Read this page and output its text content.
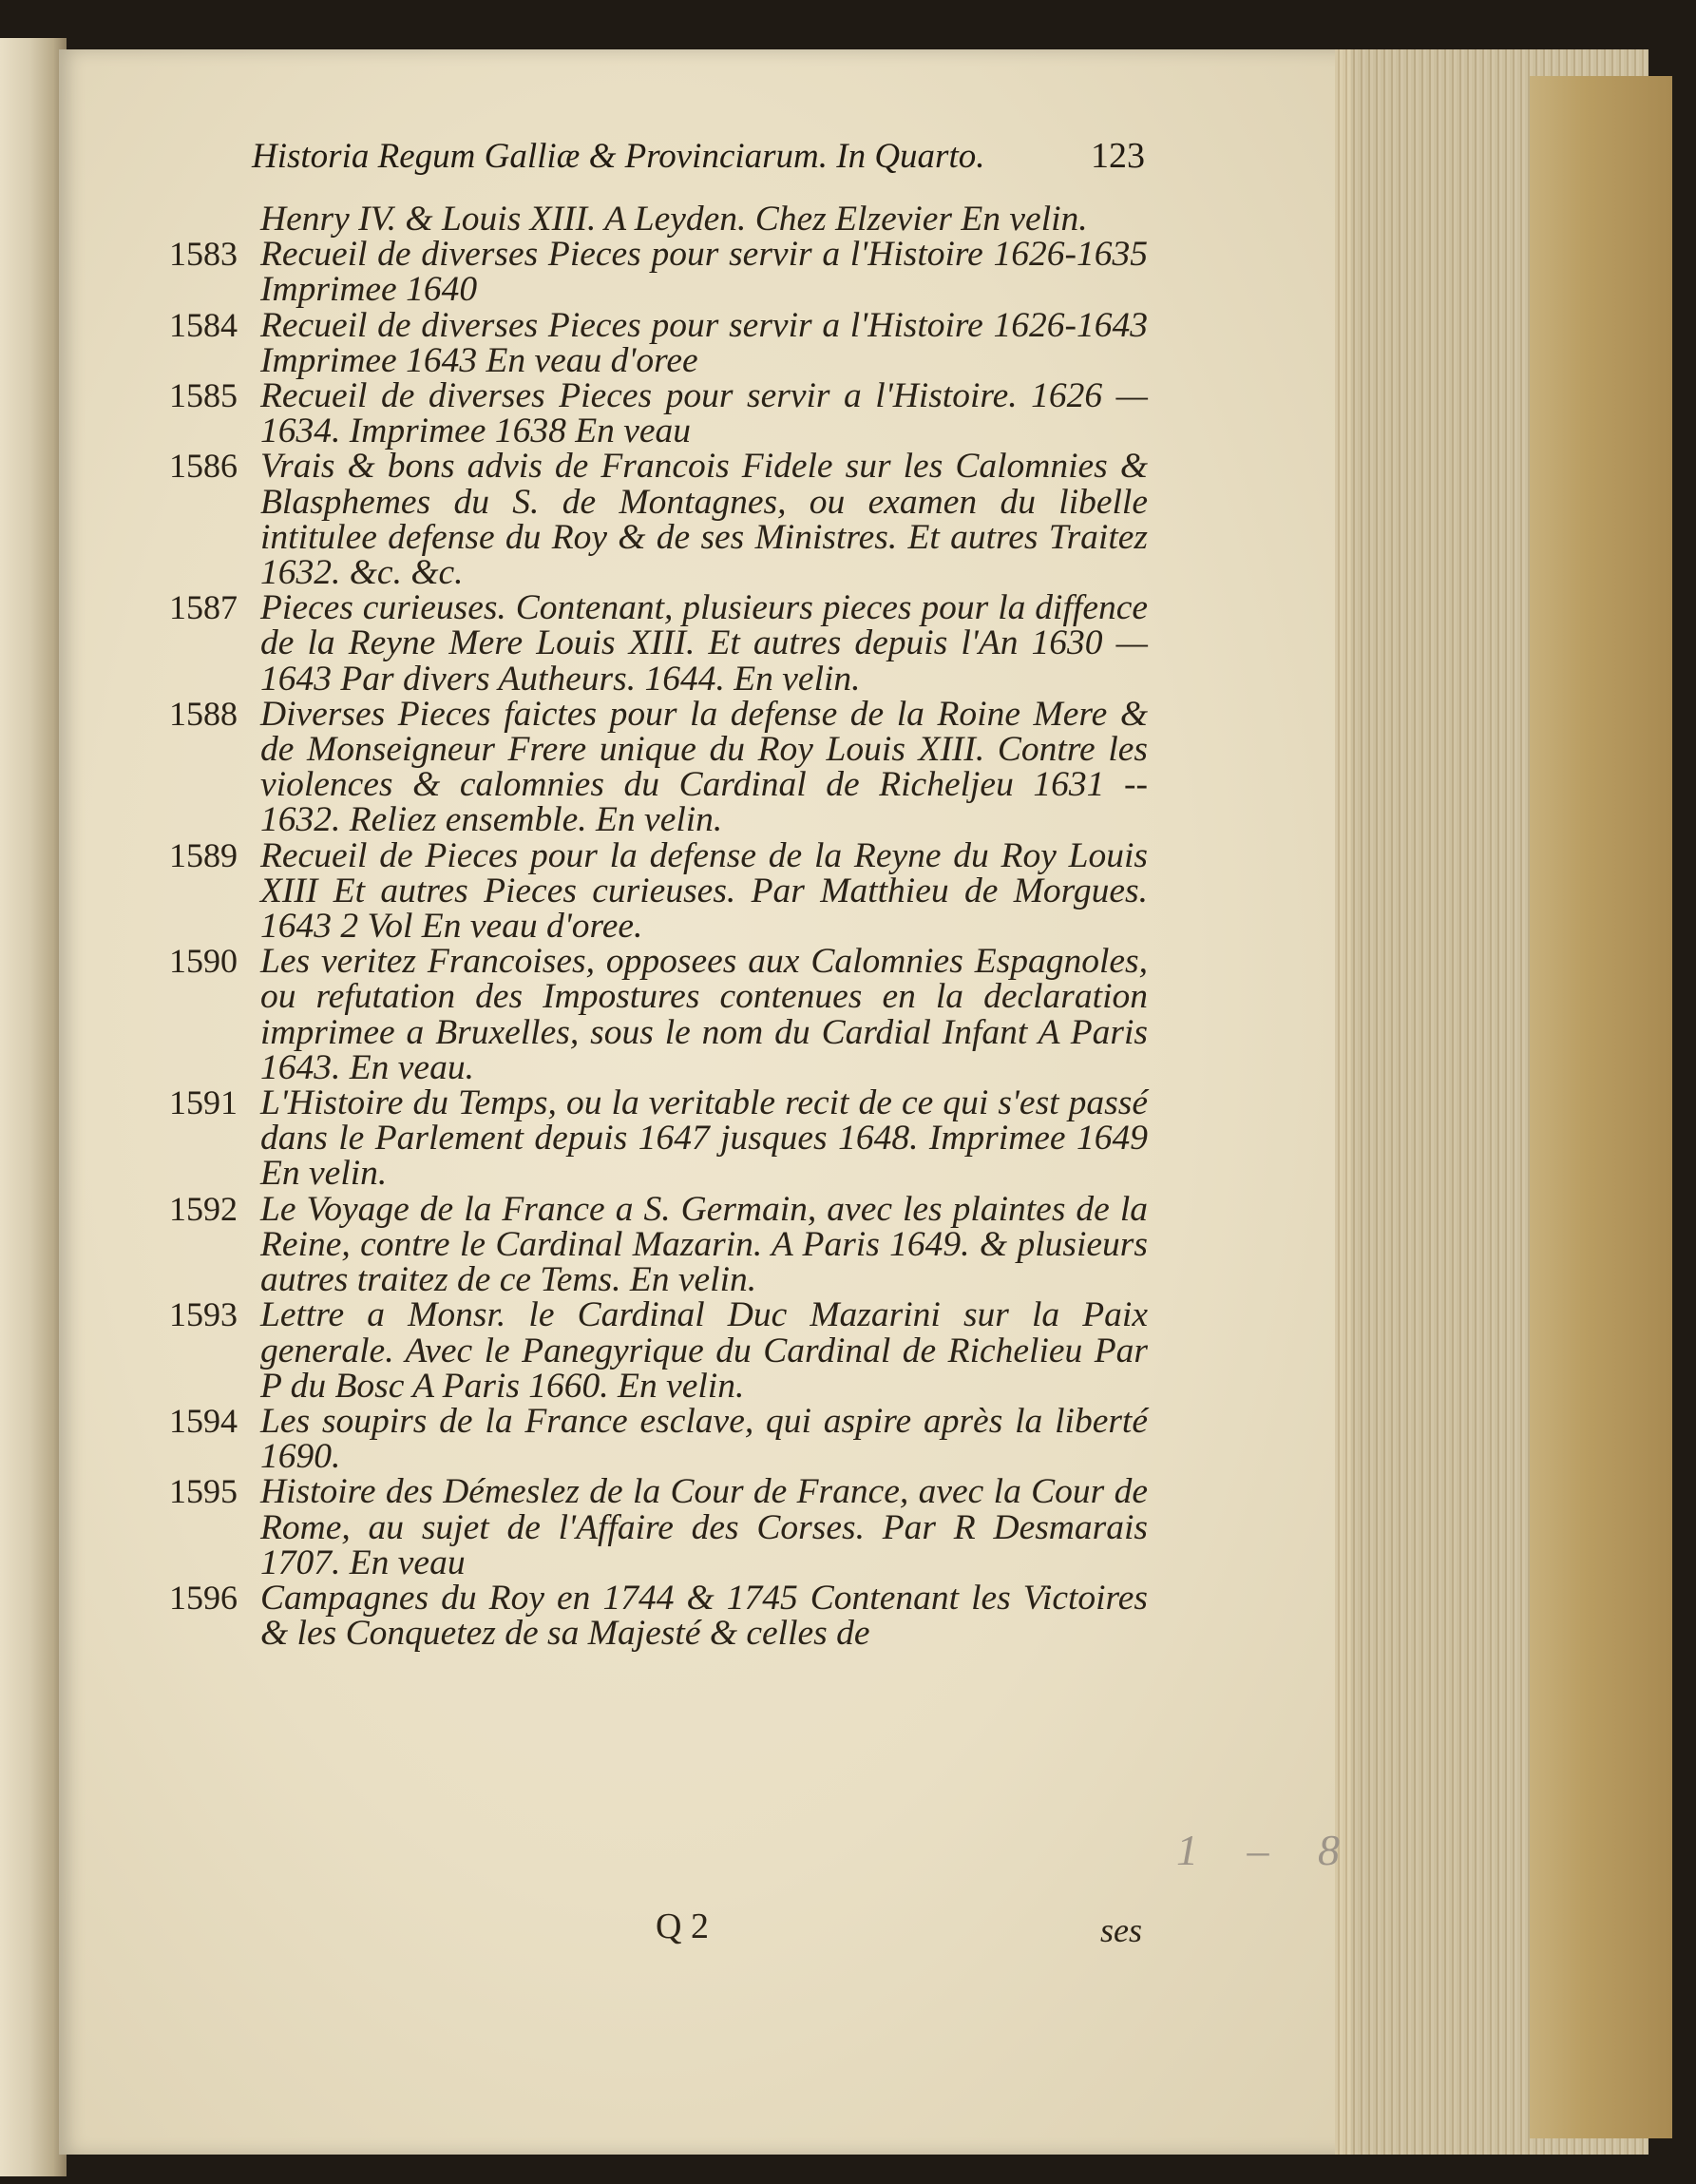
Historia Regum Galliæ & Provinciarum. In Quarto.	123
Henry IV. & Louis XIII. A Leyden. Chez Elzevier En velin.
1583 Recueil de diverses Pieces pour servir a l'Histoire 1626-1635 Imprimee 1640
1584 Recueil de diverses Pieces pour servir a l'Histoire 1626-1643 Imprimee 1643 En veau d'oree
1585 Recueil de diverses Pieces pour servir a l'Histoire. 1626 — 1634. Imprimee 1638 En veau
1586 Vrais & bons advis de Francois Fidele sur les Calomnies & Blasphemes du S. de Montagnes, ou examen du libelle intitulee defense du Roy & de ses Ministres. Et autres Traitez 1632. &c. &c.
1587 Pieces curieuses. Contenant, plusieurs pieces pour la diffence de la Reyne Mere Louis XIII. Et autres depuis l'An 1630 — 1643 Par divers Autheurs. 1644. En velin.
1588 Diverses Pieces faictes pour la defense de la Roine Mere & de Monseigneur Frere unique du Roy Louis XIII. Contre les violences & calomnies du Cardinal de Richeljeu 1631 -- 1632. Reliez ensemble. En velin.
1589 Recueil de Pieces pour la defense de la Reyne du Roy Louis XIII Et autres Pieces curieuses. Par Matthieu de Morgues. 1643 2 Vol En veau d'oree.
1590 Les veritez Francoises, opposees aux Calomnies Espagnoles, ou refutation des Impostures contenues en la declaration imprimee a Bruxelles, sous le nom du Cardial Infant A Paris 1643. En veau.
1591 L'Histoire du Temps, ou la veritable recit de ce qui s'est passé dans le Parlement depuis 1647 jusques 1648. Imprimee 1649 En velin.
1592 Le Voyage de la France a S. Germain, avec les plaintes de la Reine, contre le Cardinal Mazarin. A Paris 1649. & plusieurs autres traitez de ce Tems. En velin.
1593 Lettre a Monsr. le Cardinal Duc Mazarini sur la Paix generale. Avec le Panegyrique du Cardinal de Richelieu Par P du Bosc A Paris 1660. En velin.
1594 Les soupirs de la France esclave, qui aspire après la liberté 1690.
1595 Histoire des Démeslez de la Cour de France, avec la Cour de Rome, au sujet de l'Affaire des Corses. Par R Desmarais 1707. En veau
1596 Campagnes du Roy en 1744 & 1745 Contenant les Victoires & les Conquetez de sa Majesté & celles de
Q 2	ses
1 – 8
